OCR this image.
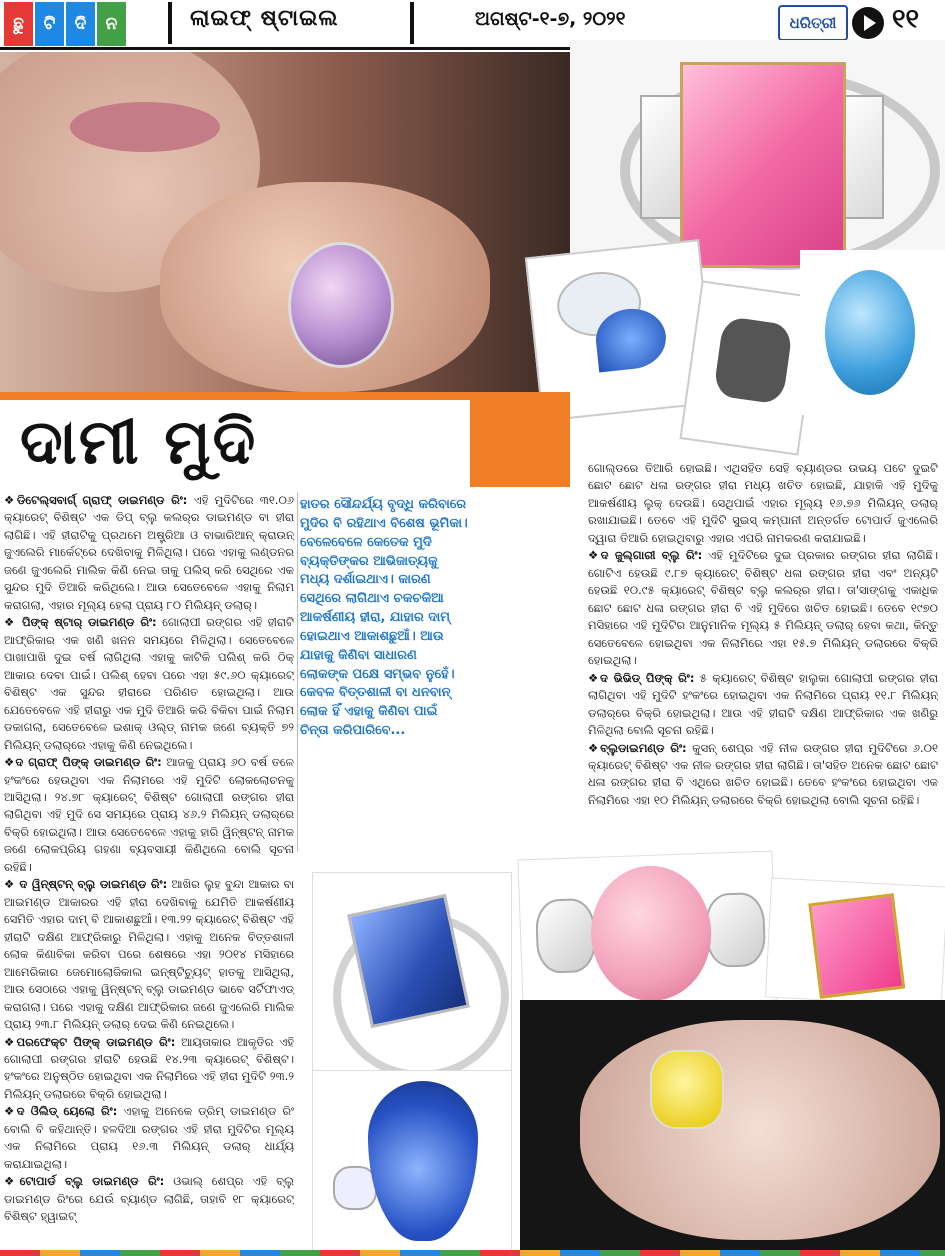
ଛୁ	ଟି	ଦି	ନ	ଲାଇଫ୍ ଷ୍ଟାଇଲ	ଅଗଷ୍ଟ-୧-୭, ୨୦୨୧	ଧରିତ୍ରୀ	୧୧
ଦାମୀ ମୁଦି

❖ଡିଟେଲ୍ସବାର୍ଗ୍ ଗ୍ରାଫ୍ ଡାଇମଣ୍ଡ ରିଂ: ଏହି ମୁଦିଟିରେ ୩୧.୦୬ କ୍ୟାରେଟ୍ ବିଶିଷ୍ଟ ଏକ ଡିପ୍ ବ୍ଲୁ କଲର୍‌ର ଡାଇମଣ୍ଡ ବା ହୀରା ଲାଗିଛି। ଏହି ହୀରାଟିକୁ ପ୍ରଥମେ ଅଷ୍ଟ୍ରିଆ ଓ ବାଭାରିଆନ୍ କ୍ରାଉନ୍ ଜୁଏଲେରି ମାର୍କେଟ୍‌ରେ ଦେଖିବାକୁ ମିଳିଥିଲା। ପରେ ଏହାକୁ ଲଣ୍ଡନର ଜଣେ ଜୁଏଲେରି ମାଲିକ କିଣି ନେଇ ତାକୁ ପଲିସ୍ କରି ସେଥିରେ ଏକ ସୁନ୍ଦର ମୁଦି ତିଆରି କରିଥିଲେ। ଆଉ ସେତେବେଳେ ଏହାକୁ ନିଲାମ କରାଗଲା, ଏହାର ମୂଲ୍ୟ ହେଲା ପ୍ରାୟ ୮୦ ମିଲିୟନ୍ ଡଲାର୍।

❖ ପିଙ୍କ୍ ଷ୍ଟାର୍ ଡାଇମଣ୍ଡ ରିଂ: ଗୋଲାପୀ ରଙ୍ଗର ଏହି ହୀରାଟି ଆଫ୍ରିକାର ଏକ ଖଣି ଖନନ ସମୟରେ ମିଳିଥିଲା। ସେତେବେଳେ ପାଖାପାଖି ଦୁଇ ବର୍ଷ ଲାଗିଥିଲା ଏହାକୁ କାଟିକି ପଲିଶ୍ କରି ଠିକ୍ ଆକାର ଦେବା ପାଇଁ। ପଲିଶ୍ ହେବା ପରେ ଏହା ୫୯.୬୦ କ୍ୟାରେଟ୍ ବିଶିଷ୍ଟ ଏକ ସୁନ୍ଦର ହୀରାରେ ପରିଣତ ହୋଇଥିଲା। ଆଉ ଯେତେବେଳେ ଏହି ହୀରାରୁ ଏକ ମୁଦି ତିଆରି କରି ବିକିବା ପାଇଁ ନିଲାମ ଡକାଗଲା, ସେତେବେଳେ ଇଶାକ୍ ଓଲ୍ଡ୍ ନାମକ ଜଣେ ବ୍ୟକ୍ତି ୭୨ ମିଲିୟନ୍ ଡଲାର୍‌ରେ ଏହାକୁ କିଣି ନେଇଥିଲେ।

❖ଦ ଗ୍ରାଫ୍ ପିଙ୍କ୍ ଡାଇମଣ୍ଡ ରିଂ: ଆଜକୁ ପ୍ରାୟ ୬୦ ବର୍ଷ ତଳେ ହଂକଂରେ ହେଉଥିବା ଏକ ନିଲାମରେ ଏହି ମୁଦିଟି ଲୋକଲୋଚନକୁ ଆସିଥିଲା। ୨୪.୭୮ କ୍ୟାରେଟ୍ ବିଶିଷ୍ଟ ଗୋଲାପୀ ରଙ୍ଗର ହୀରା ଲାଗିଥିବା ଏହି ମୁଦି ସେ ସମୟରେ ପ୍ରାୟ ୪୬.୨ ମିଲିୟନ୍ ଡଲାର୍‌ରେ ବିକ୍ରି ହୋଇଥିଲା। ଆଉ ସେତେବେଳେ ଏହାକୁ ହାରି ୱିନ୍‌ଷ୍ଟନ୍ ନାମକ ଜଣେ ଲୋକପ୍ରିୟ ଗହଣା ବ୍ୟବସାୟୀ କିଣିଥିଲେ ବୋଲି ସୂଚନା ରହିଛି।

❖ ଦ ୱିନ୍‌ଷ୍ଟନ୍ ବ୍ଲୁ ଡାଇମଣ୍ଡ ରିଂ: ଆଖିର ଲୁହ ବୁନ୍ଦା ଆକାର ବା ଆଇମଣ୍ଡ ଆକାରର ଏହି ହୀରା ଦେଖିବାକୁ ଯେମିତି ଆକର୍ଷଣୀୟ ସେମିତି ଏହାର ଦାମ୍ ବି ଆକାଶଛୁଆଁ। ୧୩.୨୨ କ୍ୟାରେଟ୍ ବିଶିଷ୍ଟ ଏହି ହୀରାଟି ଦକ୍ଷିଣ ଆଫ୍ରିକାରୁ ମିଳିଥିଲା। ଏହାକୁ ଅନେକ ବିତ୍ତଶାଳୀ ଲୋକ କିଣାବିକା କରିବା ପରେ ଶେଷରେ ଏହା ୨୦୧୪ ମସିହାରେ ଆମେରିକାର ଜେମୋଲୋଜିକାଲ ଇନ୍‌ଷ୍ଟିଚ୍ୟୁଟ୍ ହାତକୁ ଆସିଥିଲା, ଆଉ ସେଠାରେ ଏହାକୁ ୱିନ୍‌ଷ୍ଟନ୍ ବ୍ଲୁ ଡାଇମଣ୍ଡ ଭାବେ ସର୍ଟିଫାଏଡ୍ କରାଗଲା। ପରେ ଏହାକୁ ଦକ୍ଷିଣ ଆଫ୍ରିକାର ଜଣେ ଜୁଏଲେରି ମାଲିକ ପ୍ରାୟ ୨୩.୮ ମିଲିୟନ୍ ଡଲାର୍ ଦେଇ କିଣି ନେଇଥିଲେ।

❖ପରଫେକ୍ଟ ପିଙ୍କ୍ ଡାଇମଣ୍ଡ ରିଂ: ଆୟତାକାର ଆକୃତିର ଏହି ଗୋଲାପୀ ରଙ୍ଗର ହୀରାଟି ହେଉଛି ୧୪.୨୩ କ୍ୟାରେଟ୍ ବିଶିଷ୍ଟ। ହଂକଂରେ ଅନୁଷ୍ଠିତ ହୋଇଥିବା ଏକ ନିଲାମିରେ ଏହି ହୀରା ମୁଦିଟି ୨୩.୨ ମିଲିୟନ୍ ଡଲାରରେ ବିକ୍ରି ହୋଇଥିଲା।

❖ଦ ଓିଲିଡ୍ ୟେଲୋ ରିଂ: ଏହାକୁ ଅନେକେ ଡ୍ରିମ୍ ଡାଇମଣ୍ଡ ରିଂ ବୋଲି ବି କହିଥାନ୍ତି। ହଳଦିଆ ରଙ୍ଗର ଏହି ହୀରା ମୁଦିଟିର ମୂଲ୍ୟ ଏକ ନିଲାମିରେ ପ୍ରାୟ ୧୬.୩ ମିଲିୟନ୍ ଡଲାର୍ ଧାର୍ଯ୍ୟ କରାଯାଇଥିଲା।

❖ଟୋପାର୍ଡ ବ୍ଲୁ ଡାଇମଣ୍ଡ ରିଂ: ଓଭାଲ୍ ଶେପ୍‌ର ଏହି ବ୍ଲୁ ଡାଇମଣ୍ଡ ରିଂରେ ଯେଉଁ ବ୍ୟାଣ୍ଡ ଲାଗିଛି, ତାହାବି ୧୮ କ୍ୟାରେଟ୍ ବିଶିଷ୍ଟ ହ୍ୱାଇଟ୍

ହାତର ସୌନ୍ଦର୍ଯ୍ୟ ବୃଦ୍ଧି କରିବାରେ ମୁଦିର ବି ରହିଥାଏ ବିଶେଷ ଭୂମିକା। ବେଳେବେଳେ କେତେକ ମୁଦି ବ୍ୟକ୍ତିଙ୍କର ଆଭିଜାତ୍ୟକୁ ମଧ୍ୟ ଦର୍ଶାଇଥାଏ। କାରଣ ସେଥିରେ ଲାଗିଥାଏ ଚକଚକିଆ ଆକର୍ଷଣୀୟ ହୀରା, ଯାହାର ଦାମ୍ ହୋଇଥାଏ ଆକାଶଛୁଆଁ। ଆଉ ଯାହାକୁ କିଣିବା ସାଧାରଣ ଲୋକଙ୍କ ପକ୍ଷେ ସମ୍ଭବ ନୁହେଁ। କେବଳ ବିତ୍ତଶାଳୀ ବା ଧନବାନ୍ ଲୋକ ହିଁ ଏହାକୁ କିଣିବା ପାଇଁ ଚିନ୍ତା କରିପାରିବେ...

ଗୋଲ୍ଡରେ ତିଆରି ହୋଇଛି। ଏଥିସହିତ ସେହି ବ୍ୟାଣ୍ଡର ଉଭୟ ପଟେ ଦୁଇଟି ଛୋଟ ଛୋଟ ଧଳା ରଙ୍ଗର ହୀରା ମଧ୍ୟ ଖଚିତ ହୋଇଛି, ଯାହାକି ଏହି ମୁଦିକୁ ଆକର୍ଷଣୀୟ ଲୁକ୍ ଦେଉଛି। ସେଥିପାଇଁ ଏହାର ମୂଲ୍ୟ ୧୬.୭୬ ମିଲିୟନ୍ ଡଲାର୍ ରଖାଯାଇଛି। ତେବେ ଏହି ମୁଦିଟି ସୁଇସ୍ କମ୍ପାନୀ ଅନ୍ତର୍ଗତ ଟୋପାର୍ଡ ଜୁଏଲେରି ଦ୍ୱାରା ତିଆରି ହୋଇଥିବାରୁ ଏହାର ଏପରି ନାମକରଣ କରାଯାଇଛି।

❖ଦ ଜୁଲ୍‌ଗାରୀ ବ୍ଲୁ ରିଂ: ଏହି ମୁଦିଟିରେ ଦୁଇ ପ୍ରକାର ରଙ୍ଗର ହୀରା ଲାଗିଛି। ଗୋଟିଏ ହେଉଛି ୯.୮୭ କ୍ୟାରେଟ୍ ବିଶିଷ୍ଟ ଧଳା ରଙ୍ଗର ହୀରା ଏବଂ ଅନ୍ୟଟି ହେଉଛି ୧୦.୯୫ କ୍ୟାରେଟ୍ ବିଶିଷ୍ଟ ବ୍ଲୁ କଲର୍‌ର ହୀରା। ତା'ସାଙ୍ଗକୁ ଏକାଧିକ ଛୋଟ ଛୋଟ ଧଳା ରଙ୍ଗର ହୀରା ବି ଏହି ମୁଦିରେ ଖଚିତ ହୋଇଛି। ତେବେ ୧୯୭୦ ମସିହାରେ ଏହି ମୁଦିଟିର ଆନୁମାନିକ ମୂଲ୍ୟ ୫ ମିଲିୟନ୍ ଡଲାର୍ ହେବା କଥା, କିନ୍ତୁ ସେତେବେଳେ ହୋଇଥିବା ଏକ ନିଲାମିରେ ଏହା ୧୫.୭ ମିଲିୟନ୍ ଡଲାରରେ ବିକ୍ରି ହୋଇଥିଲା।

❖ଦ ଭିଭିଡ୍ ପିଙ୍କ୍ ରିଂ: ୫ କ୍ୟାରେଟ୍ ବିଶିଷ୍ଟ ହାଲୁକା ଗୋଲାପୀ ରଙ୍ଗର ହୀରା ଲାଗିଥିବା ଏହି ମୁଦିଟି ହଂକଂରେ ହୋଇଥିବା ଏକ ନିଲାମିରେ ପ୍ରାୟ ୧୧.୮ ମିଲିୟନ୍ ଡଲାର୍‌ରେ ବିକ୍ରି ହୋଇଥିଲା। ଆଉ ଏହି ହୀରାଟି ଦକ୍ଷିଣ ଆଫ୍ରିକାର ଏକ ଖଣିରୁ ମିଳିଥିଲା ବୋଲି ସୂଚନା ରହିଛି।

❖ବ୍ଲୁଡାଇମଣ୍ଡ ରିଂ: କୁସନ୍ ଶେପ୍‌ର ଏହି ନୀଳ ରଙ୍ଗର ହୀରା ମୁଦିଟିରେ ୬.୦୧ କ୍ୟାରେଟ୍ ବିଶିଷ୍ଟ ଏକ ନୀଳ ରଙ୍ଗର ହୀରା ଲାଗିଛି। ତା'ସହିତ ଅନେକ ଛୋଟ ଛୋଟ ଧଳା ରଙ୍ଗର ହୀରା ବି ଏଥିରେ ଖଚିତ ହୋଇଛି। ତେବେ ହଂକଂରେ ହୋଇଥିବା ଏକ ନିଲାମିରେ ଏହା ୧୦ ମିଲିୟନ୍ ଡଲାରରେ ବିକ୍ରି ହୋଇଥିଲା ବୋଲି ସୂଚନା ରହିଛି।
